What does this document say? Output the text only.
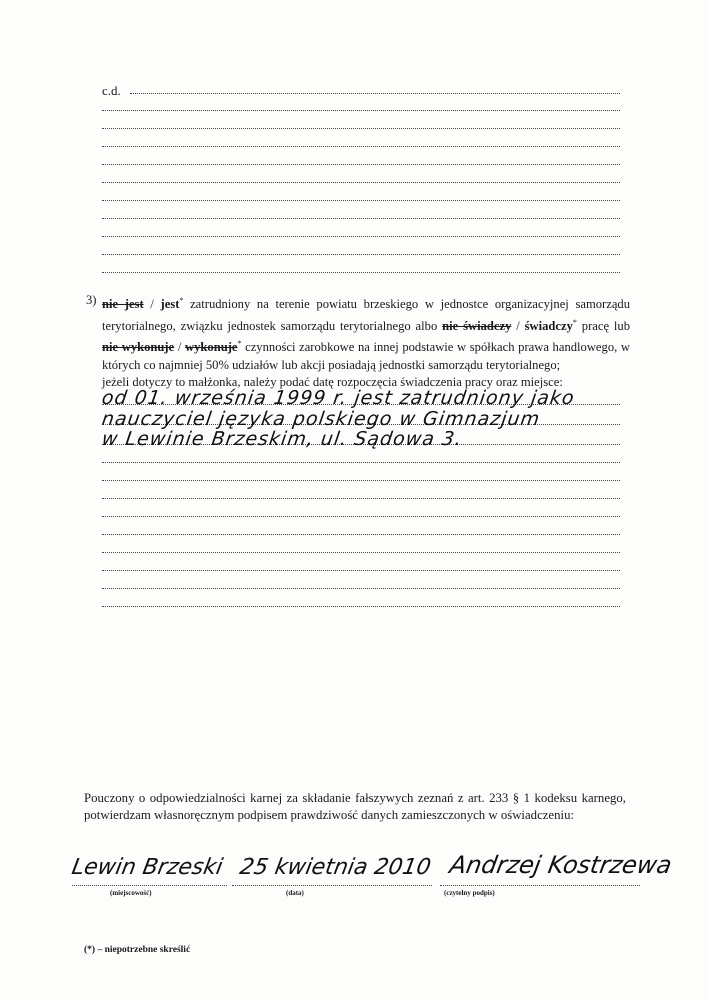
c.d.
3) nie jest / jest* zatrudniony na terenie powiatu brzeskiego w jednostce organizacyjnej samorządu terytorialnego, związku jednostek samorządu terytorialnego albo nie świadczy / świadczy* pracę lub nie wykonuje / wykonuje* czynności zarobkowe na innej podstawie w spółkach prawa handlowego, w których co najmniej 50% udziałów lub akcji posiadają jednostki samorządu terytorialnego;
jeżeli dotyczy to małżonka, należy podać datę rozpoczęcia świadczenia pracy oraz miejsce:
od 01. września 1999 r. jest zatrudniony jako
nauczyciel języka polskiego w Gimnazjum
w Lewinie Brzeskim, ul. Sądowa 3.
Pouczony o odpowiedzialności karnej za składanie fałszywych zeznań z art. 233 § 1 kodeksu karnego, potwierdzam własnoręcznym podpisem prawdziwość danych zamieszczonych w oświadczeniu:
Lewin Brzeski 25 kwietnia 2010 Andrzej Kostrzewa
(miejscowość)	(data)	(czytelny podpis)
(*) – niepotrzebne skreślić
